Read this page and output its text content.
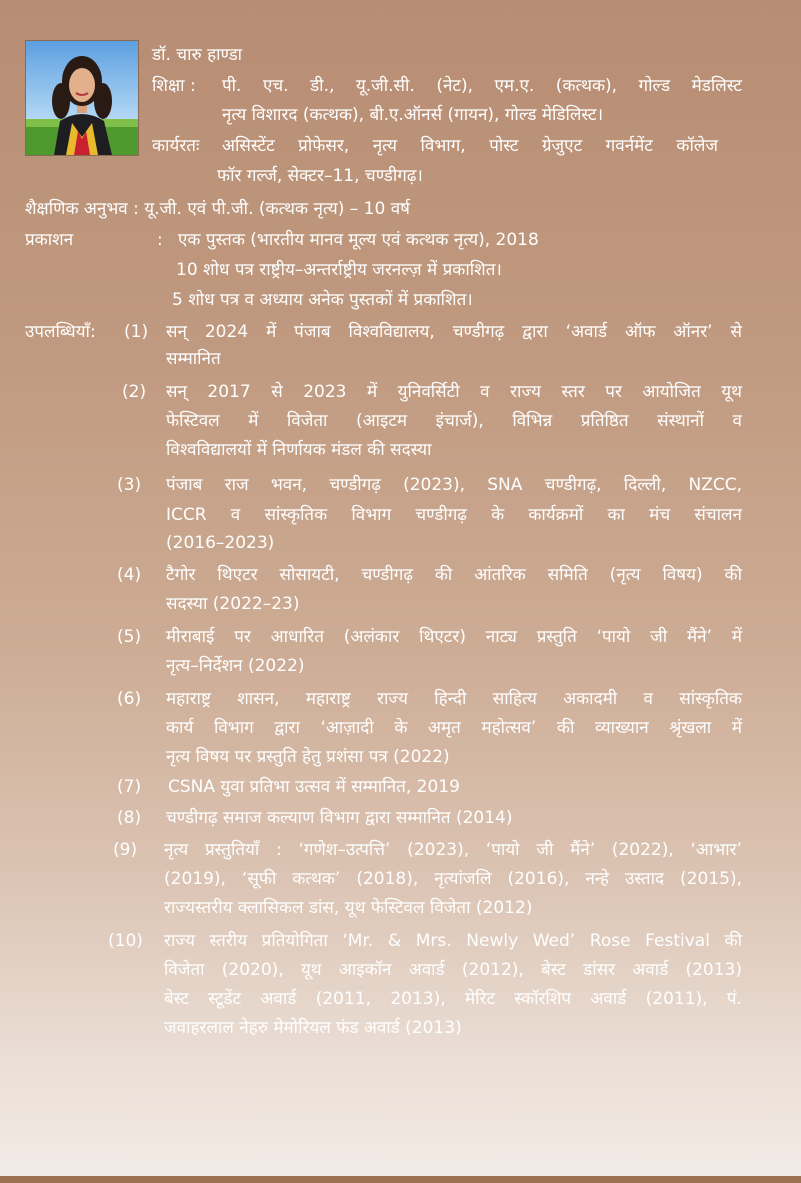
डॉ. चारु हाण्डा
शिक्षा : पी. एच. डी., यू.जी.सी. (नेट), एम.ए. (कत्थक), गोल्ड मेडलिस्ट
नृत्य विशारद (कत्थक), बी.ए.ऑनर्स (गायन), गोल्ड मेडिलिस्ट।
कार्यरतः असिस्टेंट प्रोफेसर, नृत्य विभाग, पोस्ट ग्रेजुएट गवर्नमेंट कॉलेज
फॉर गर्ल्ज, सेक्टर–11, चण्डीगढ़।
शैक्षणिक अनुभव : यू.जी. एवं पी.जी. (कत्थक नृत्य) – 10 वर्ष
प्रकाशन	: एक पुस्तक (भारतीय मानव मूल्य एवं कत्थक नृत्य), 2018
10 शोध पत्र राष्ट्रीय–अन्तर्राष्ट्रीय जरनल्ज़ में प्रकाशित।
5 शोध पत्र व अध्याय अनेक पुस्तकों में प्रकाशित।
उपलब्धियाँ: (1) सन् 2024 में पंजाब विश्वविद्यालय, चण्डीगढ़ द्वारा ‘अवार्ड ऑफ ऑनर’ से
सम्मानित
(2) सन् 2017 से 2023 में युनिवर्सिटी व राज्य स्तर पर आयोजित यूथ
फेस्टिवल में विजेता (आइटम इंचार्ज), विभिन्न प्रतिष्ठित संस्थानों व
विश्वविद्यालयों में निर्णायक मंडल की सदस्या
(3) पंजाब राज भवन, चण्डीगढ़ (2023), SNA चण्डीगढ़, दिल्ली, NZCC,
ICCR व सांस्कृतिक विभाग चण्डीगढ़ के कार्यक्रमों का मंच संचालन
(2016–2023)
(4) टैगोर थिएटर सोसायटी, चण्डीगढ़ की आंतरिक समिति (नृत्य विषय) की
सदस्या (2022–23)
(5) मीराबाई पर आधारित (अलंकार थिएटर) नाट्य प्रस्तुति ‘पायो जी मैंने’ में
नृत्य–निर्देशन (2022)
(6) महाराष्ट्र शासन, महाराष्ट्र राज्य हिन्दी साहित्य अकादमी व सांस्कृतिक
कार्य विभाग द्वारा ‘आज़ादी के अमृत महोत्सव’ की व्याख्यान श्रृंखला में
नृत्य विषय पर प्रस्तुति हेतु प्रशंसा पत्र (2022)
(7) CSNA युवा प्रतिभा उत्सव में सम्मानित, 2019
(8) चण्डीगढ़ समाज कल्याण विभाग द्वारा सम्मानित (2014)
(9) नृत्य प्रस्तुतियाँ : ‘गणेश–उत्पत्ति’ (2023), ‘पायो जी मैंने’ (2022), ‘आभार’
(2019), ‘सूफी कत्थक’ (2018), नृत्यांजलि (2016), नन्हे उस्ताद (2015),
राज्यस्तरीय क्लासिकल डांस, यूथ फेस्टिवल विजेता (2012)
(10) राज्य स्तरीय प्रतियोगिता ‘Mr. & Mrs. Newly Wed’ Rose Festival की
विजेता (2020), यूथ आइकॉन अवार्ड (2012), बेस्ट डांसर अवार्ड (2013)
बेस्ट स्टूडेंट अवार्ड (2011, 2013), मेरिट स्कॉरशिप अवार्ड (2011), पं.
जवाहरलाल नेहरु मेमोरियल फंड अवार्ड (2013)
